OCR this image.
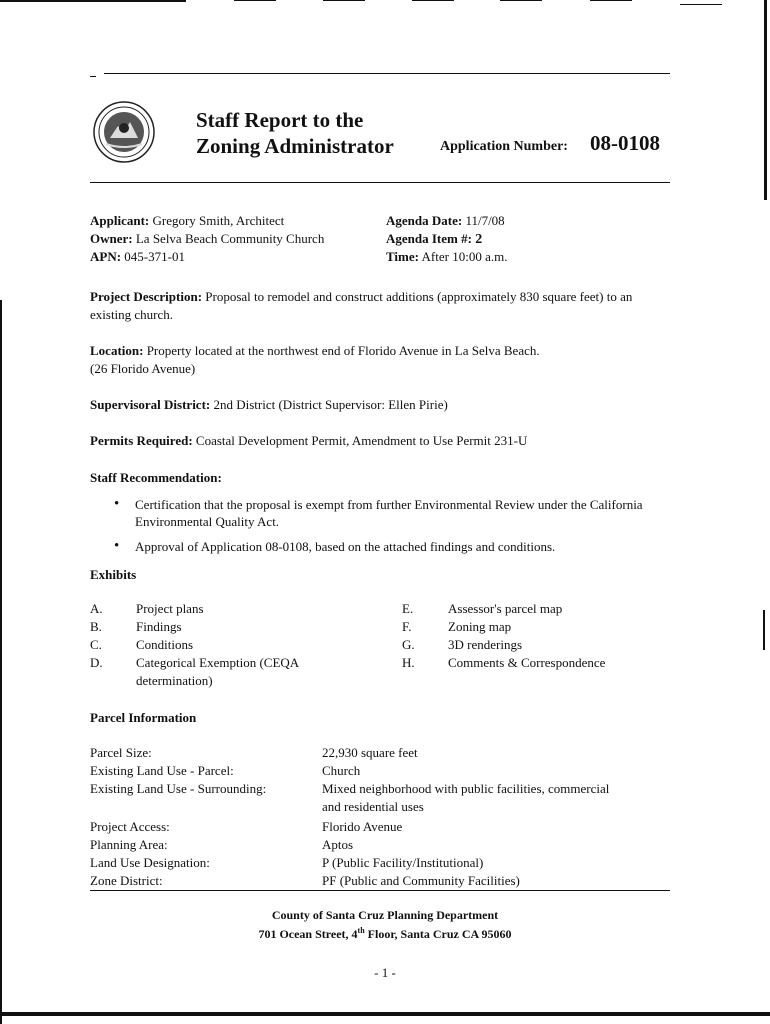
Staff Report to the
Zoning Administrator	Application Number: 08-0108
Applicant: Gregory Smith, Architect
Owner: La Selva Beach Community Church
APN: 045-371-01
Agenda Date: 11/7/08
Agenda Item #: 2
Time: After 10:00 a.m.
Project Description: Proposal to remodel and construct additions (approximately 830 square feet) to an existing church.
Location: Property located at the northwest end of Florido Avenue in La Selva Beach.
(26 Florido Avenue)
Supervisoral District: 2nd District (District Supervisor: Ellen Pirie)
Permits Required: Coastal Development Permit, Amendment to Use Permit 231-U
Staff Recommendation:
• Certification that the proposal is exempt from further Environmental Review under the California Environmental Quality Act.
• Approval of Application 08-0108, based on the attached findings and conditions.
Exhibits
A.	Project plans
B.	Findings
C.	Conditions
D.	Categorical Exemption (CEQA determination)
E.	Assessor's parcel map
F.	Zoning map
G.	3D renderings
H.	Comments & Correspondence
Parcel Information
Parcel Size:	22,930 square feet
Existing Land Use - Parcel:	Church
Existing Land Use - Surrounding:	Mixed neighborhood with public facilities, commercial
and residential uses
Project Access:	Florido Avenue
Planning Area:	Aptos
Land Use Designation:	P (Public Facility/Institutional)
Zone District:	PF (Public and Community Facilities)
County of Santa Cruz Planning Department
701 Ocean Street, 4th Floor, Santa Cruz CA 95060
- 1 -
